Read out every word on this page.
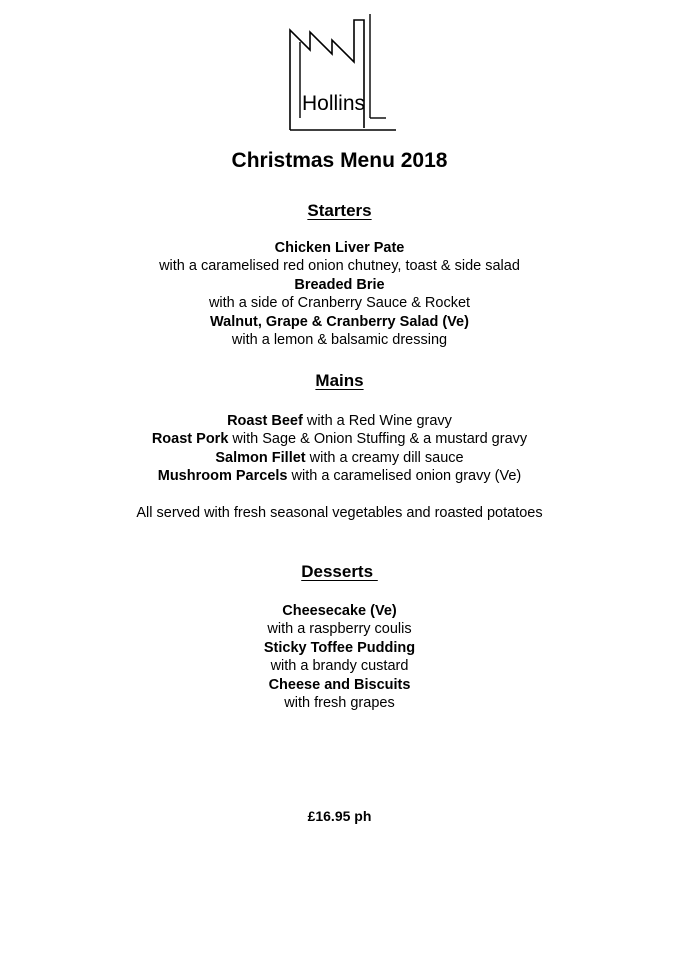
Hollins
Christmas Menu 2018
Starters
Chicken Liver Pate
with a caramelised red onion chutney, toast & side salad
Breaded Brie
with a side of Cranberry Sauce & Rocket
Walnut, Grape & Cranberry Salad (Ve)
with a lemon & balsamic dressing
Mains
Roast Beef with a Red Wine gravy
Roast Pork with Sage & Onion Stuffing & a mustard gravy
Salmon Fillet with a creamy dill sauce
Mushroom Parcels with a caramelised onion gravy (Ve)
All served with fresh seasonal vegetables and roasted potatoes
Desserts
Cheesecake (Ve)
with a raspberry coulis
Sticky Toffee Pudding
with a brandy custard
Cheese and Biscuits
with fresh grapes
£16.95 ph
